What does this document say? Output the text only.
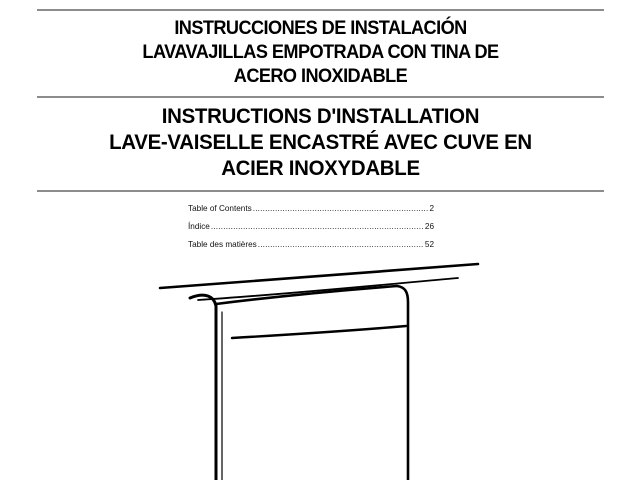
INSTRUCCIONES DE INSTALACIÓN
LAVAVAJILLAS EMPOTRADA CON TINA DE
ACERO INOXIDABLE
INSTRUCTIONS D'INSTALLATION
LAVE-VAISELLE ENCASTRÉ AVEC CUVE EN
ACIER INOXYDABLE
Table of Contents .....	2
Índice .....	26
Table des matières .....	52
